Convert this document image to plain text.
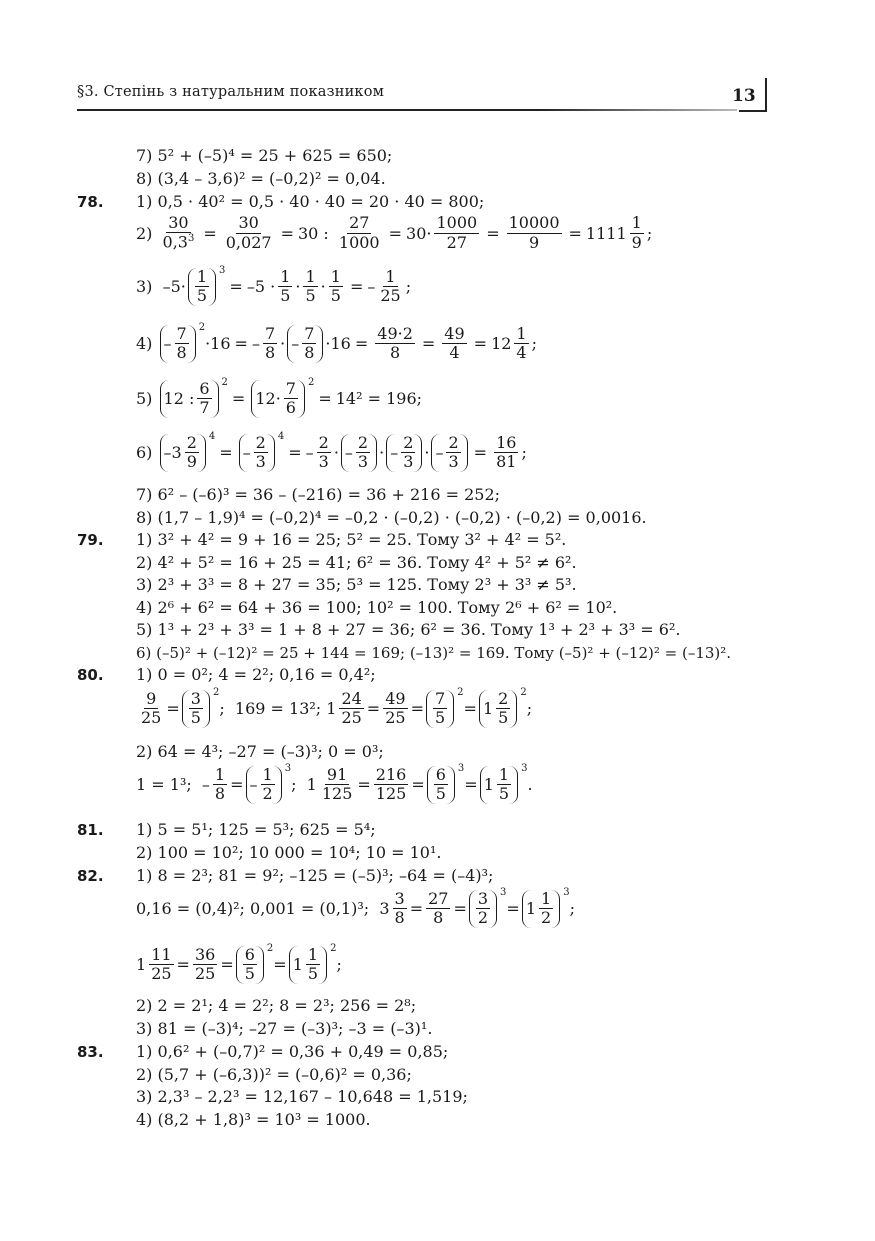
§3. Степінь з натуральним показником	13
7) 5² + (–5)⁴ = 25 + 625 = 650;
8) (3,4 – 3,6)² = (–0,2)² = 0,04.
78. 1) 0,5 · 40² = 0,5 · 40 · 40 = 20 · 40 = 800;
$2) \frac{30}{0,3^3} = \frac{30}{0,027} = 30$ : $\frac{27}{1000} = 30\cdot \frac{1000}{27} = \frac{10000}{9} = 1111$
1
9 ;
3)  –5·
1
5
3
= –5 ·
1
5 ·
1
$5 \cdot \frac{1}{5}$ = –
1
25 ;
4) –
7
8
2
·16 = –
7
8 · –
7
$8 \cdot 16 = \frac{49\cdot 2}{8} = \frac{49}{4} = 12$
1
4 ;
5) 12 :
6
7
2
= 12·
7
6
2
= 14² = 196;
6) –3
2
9
4
= –
2
3
4
= –
2
3 · –
2
3 · –
2
3 · –
2
$3 = \frac{16}{81}$ ;
7) 6² – (–6)³ = 36 – (–216) = 36 + 216 = 252;
8) (1,7 – 1,9)⁴ = (–0,2)⁴ = –0,2 · (–0,2) · (–0,2) · (–0,2) = 0,0016.
79. 1) 3² + 4² = 9 + 16 = 25; 5² = 25. Тому 3² + 4² = 5².
2) 4² + 5² = 16 + 25 = 41; 6² = 36. Тому 4² + 5² ≠ 6².
3) 2³ + 3³ = 8 + 27 = 35; 5³ = 125. Тому 2³ + 3³ ≠ 5³.
4) 2⁶ + 6² = 64 + 36 = 100; 10² = 100. Тому 2⁶ + 6² = 10².
5) 1³ + 2³ + 3³ = 1 + 8 + 27 = 36; 6² = 36. Тому 1³ + 2³ + 3³ = 6².
6) (–5)² + (–12)² = 25 + 144 = 169; (–13)² = 169. Тому (–5)² + (–12)² = (–13)².
80. 1) 0 = 0²; 4 = 2²; 0,16 = 0,4²;
$\frac{9}{25}$ =
3
5
2
;  169 = 13²; $1 \frac{24}{25} = \frac{49}{25}$ =
7
5
2
= 1
2
5
2
;
2) 64 = 4³; –27 = (–3)³; 0 = 0³;
1 = 1³;  – $\frac{1}{8}$ = –
1
2
3
;  $1 \frac{91}{125} = \frac{216}{125}$ =
6
5
3
= 1
1
5
3
.
81. 1) 5 = 5¹; 125 = 5³; 625 = 5⁴;
2) 100 = 10²; 10 000 = 10⁴; 10 = 10¹.
82. 1) 8 = 2³; 81 = 9²; –125 = (–5)³; –64 = (–4)³;
0,16 = (0,4)²; 0,001 = (0,1)³;  $3 \frac{3}{8} = \frac{27}{8}$ =
3
2
3
= 1
1
2
3
;
$1 \frac{11}{25} = \frac{36}{25}$ =
6
5
2
= 1
1
5
2
;
2) 2 = 2¹; 4 = 2²; 8 = 2³; 256 = 2⁸;
3) 81 = (–3)⁴; –27 = (–3)³; –3 = (–3)¹.
83. 1) 0,6² + (–0,7)² = 0,36 + 0,49 = 0,85;
2) (5,7 + (–6,3))² = (–0,6)² = 0,36;
3) 2,3³ – 2,2³ = 12,167 – 10,648 = 1,519;
4) (8,2 + 1,8)³ = 10³ = 1000.
